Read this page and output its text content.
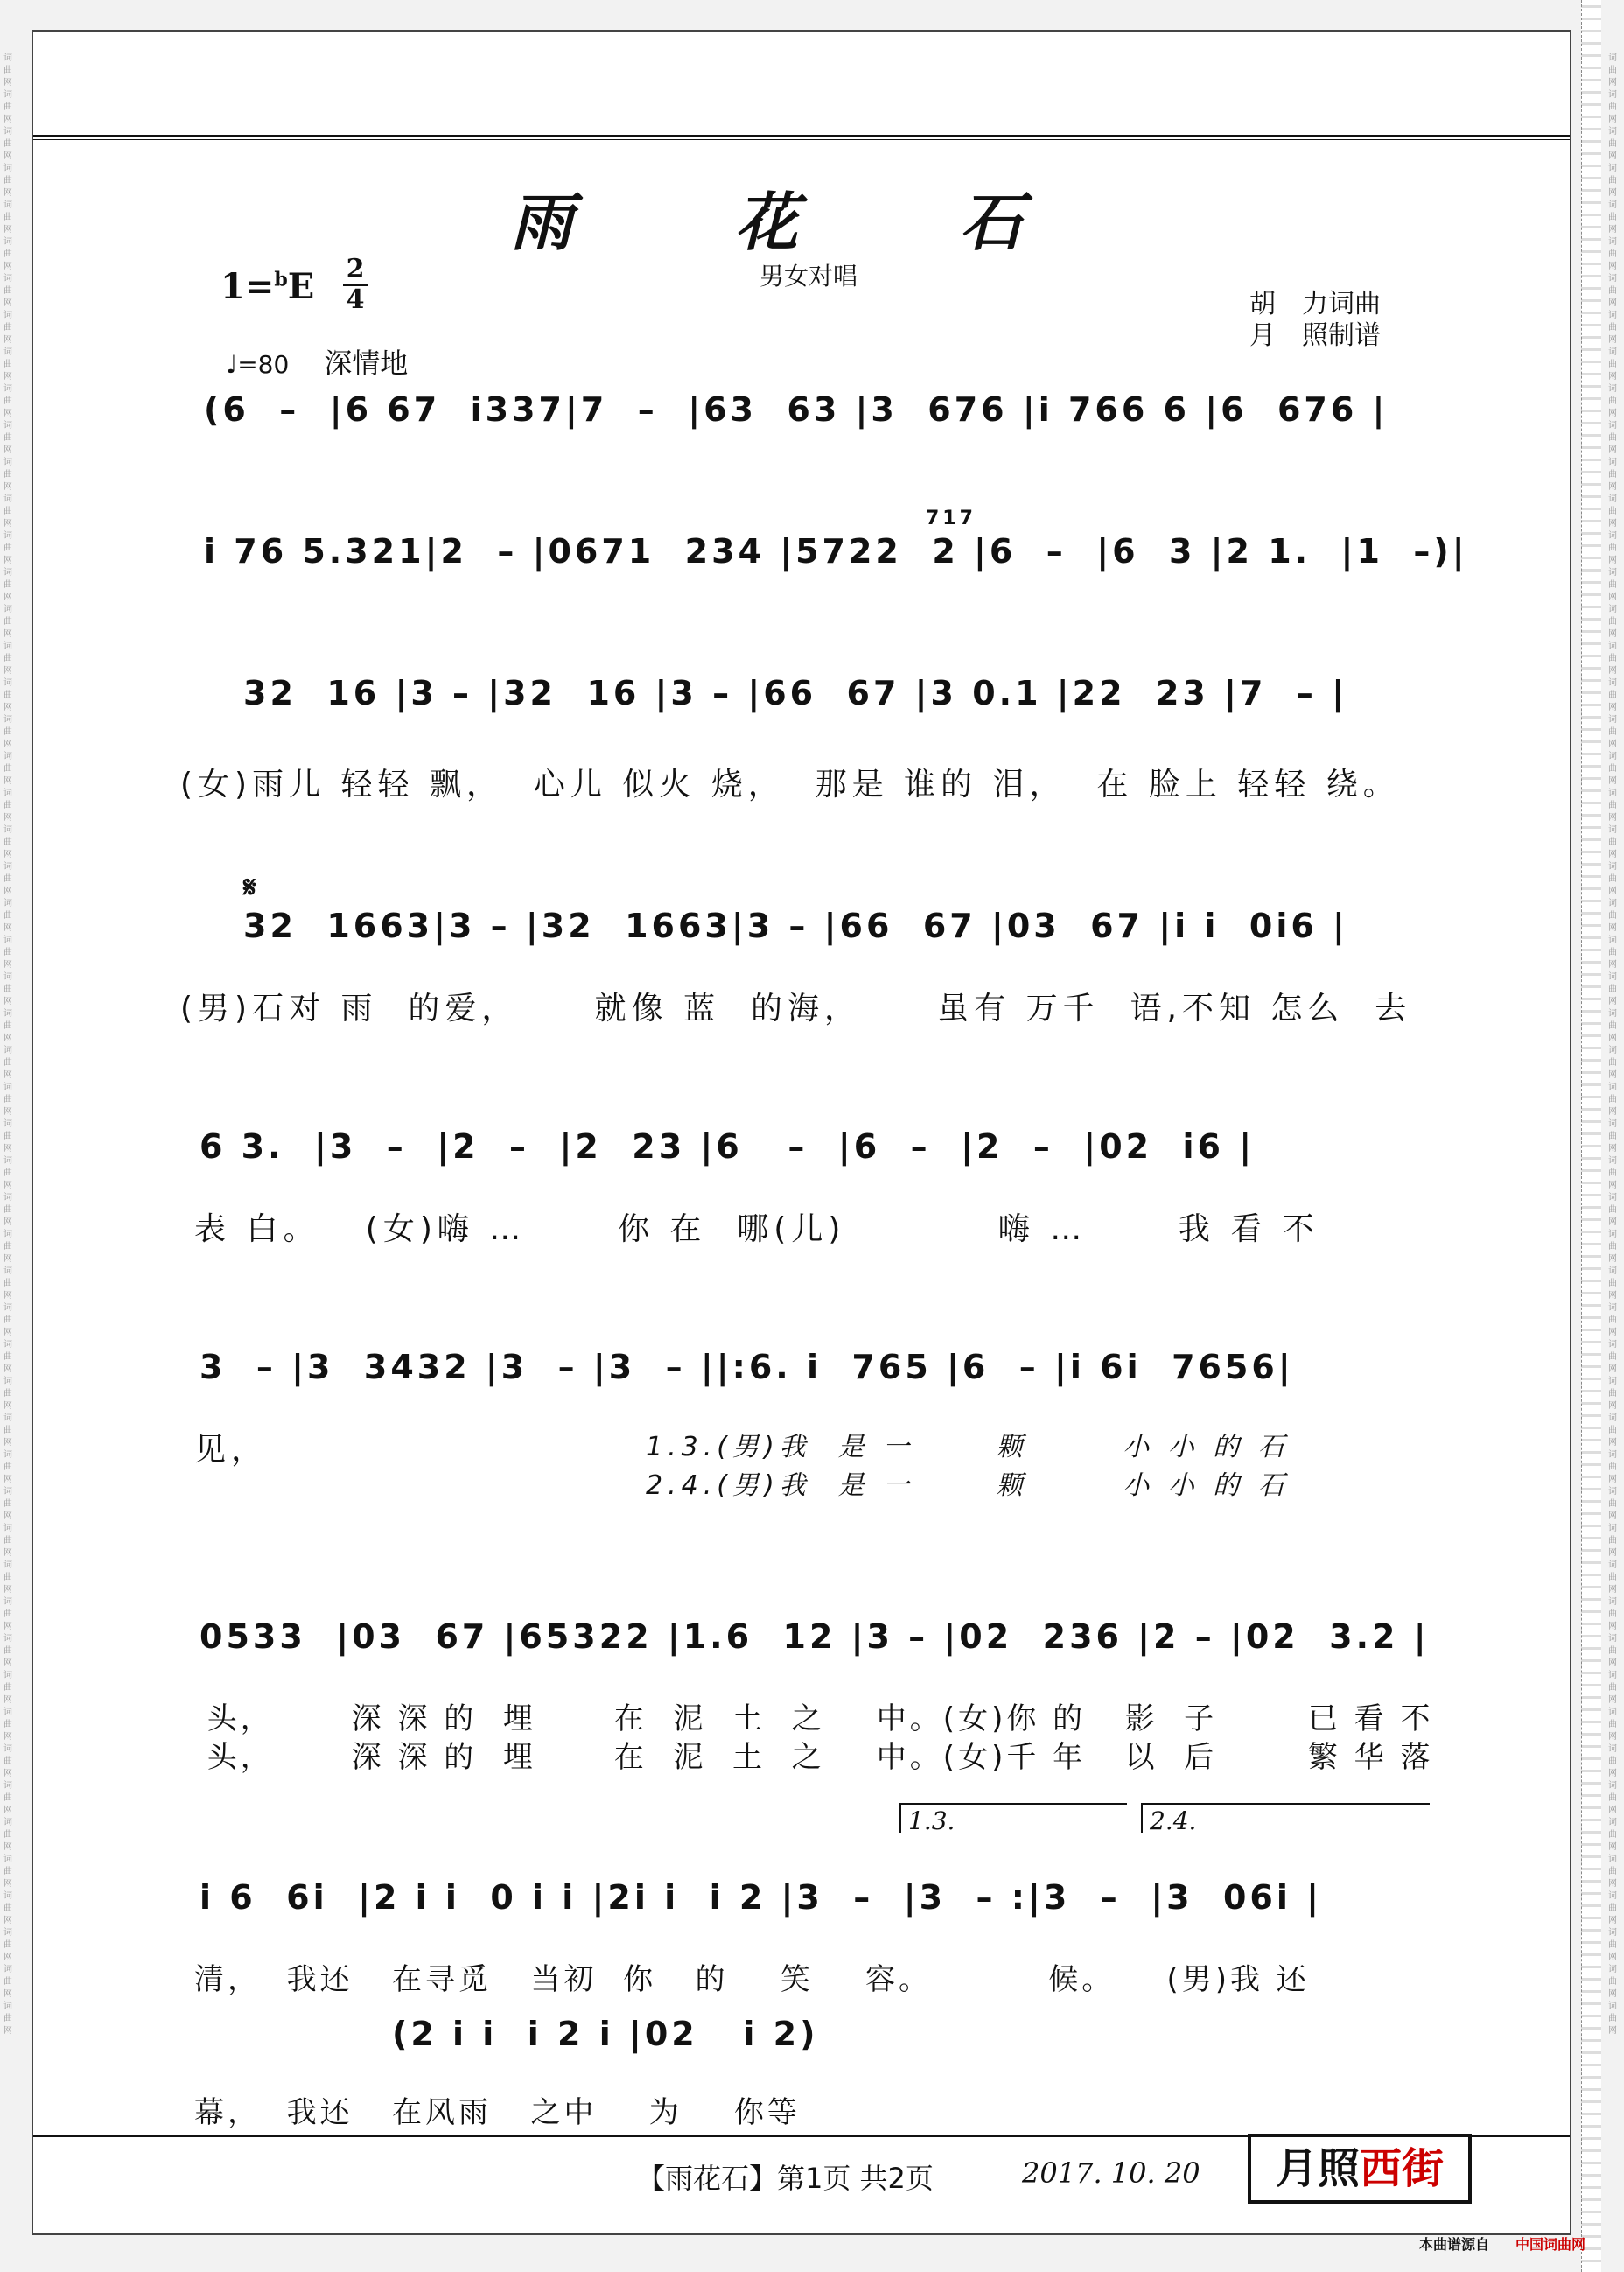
词曲网词曲网词曲网词曲网词曲网词曲网词曲网词曲网词曲网词曲网词曲网词曲网词曲网词曲网词曲网词曲网词曲网词曲网词曲网词曲网词曲网词曲网词曲网词曲网词曲网词曲网词曲网词曲网词曲网词曲网词曲网词曲网词曲网词曲网词曲网词曲网词曲网词曲网词曲网词曲网词曲网词曲网词曲网词曲网词曲网词曲网词曲网词曲网词曲网词曲网词曲网词曲网词曲网词曲网
词曲网词曲网词曲网词曲网词曲网词曲网词曲网词曲网词曲网词曲网词曲网词曲网词曲网词曲网词曲网词曲网词曲网词曲网词曲网词曲网词曲网词曲网词曲网词曲网词曲网词曲网词曲网词曲网词曲网词曲网词曲网词曲网词曲网词曲网词曲网词曲网词曲网词曲网词曲网词曲网词曲网词曲网词曲网词曲网词曲网词曲网词曲网词曲网词曲网词曲网词曲网词曲网词曲网词曲网
雨 花 石
男女对唱
1=$^b$E 2
4	胡　力词曲
月　照制谱
♩=80 深情地
(6  –  |6 67  i337|7  –  |63  63 |3  676 |i 766 6 |6  676 |
i 76 5.321|2  – |0671  234 |5722  2 |6  –  |6  3 |2 1.  |1  –)|
717
32  16 |3 – |32  16 |3 – |66  67 |3 0.1 |22  23 |7  – |
(女)雨儿 轻轻 飘，  心儿 似火 烧，  那是 谁的 泪，  在 脸上 轻轻 绕。
𝄋
32  1663|3 – |32  1663|3 – |66  67 |03  67 |i i  0i6 |
(男)石对 雨  的爱，     就像 蓝  的海，     虽有 万千  语,不知 怎么  去
6 3.  |3  –  |2  –  |2  23 |6   –  |6  –  |2  –  |02  i6 |
表 白。   (女)嗨 …      你 在  哪(儿)          嗨 …      我 看 不
3  – |3  3432 |3  – |3  – ||:6. i  765 |6  – |i 6i  7656|
见，	1.3.(男)我  是 一      颗       小 小 的 石
2.4.(男)我  是 一      颗       小 小 的 石
0533  |03  67 |65322 |1.6  12 |3 – |02  236 |2 – |02  3.2 |
头，      深 深 的  埋      在  泥  土  之    中。(女)你 的   影  子       已 看 不
头，      深 深 的  埋      在  泥  土  之    中。(女)千 年   以  后       繁 华 落
1.3.	2.4.
i 6  6i  |2 i i  0 i i |2i i  i 2 |3  –  |3  – :|3  –  |3  06i |
清，  我还   在寻觅   当初  你   的    笑    容。         候。    (男)我 还
(2 i i  i 2 i |02   i 2)
幕，  我还   在风雨   之中    为    你等
【雨花石】第1页 共2页	2017. 10. 20	月照西街
本曲谱源自 中国词曲网
